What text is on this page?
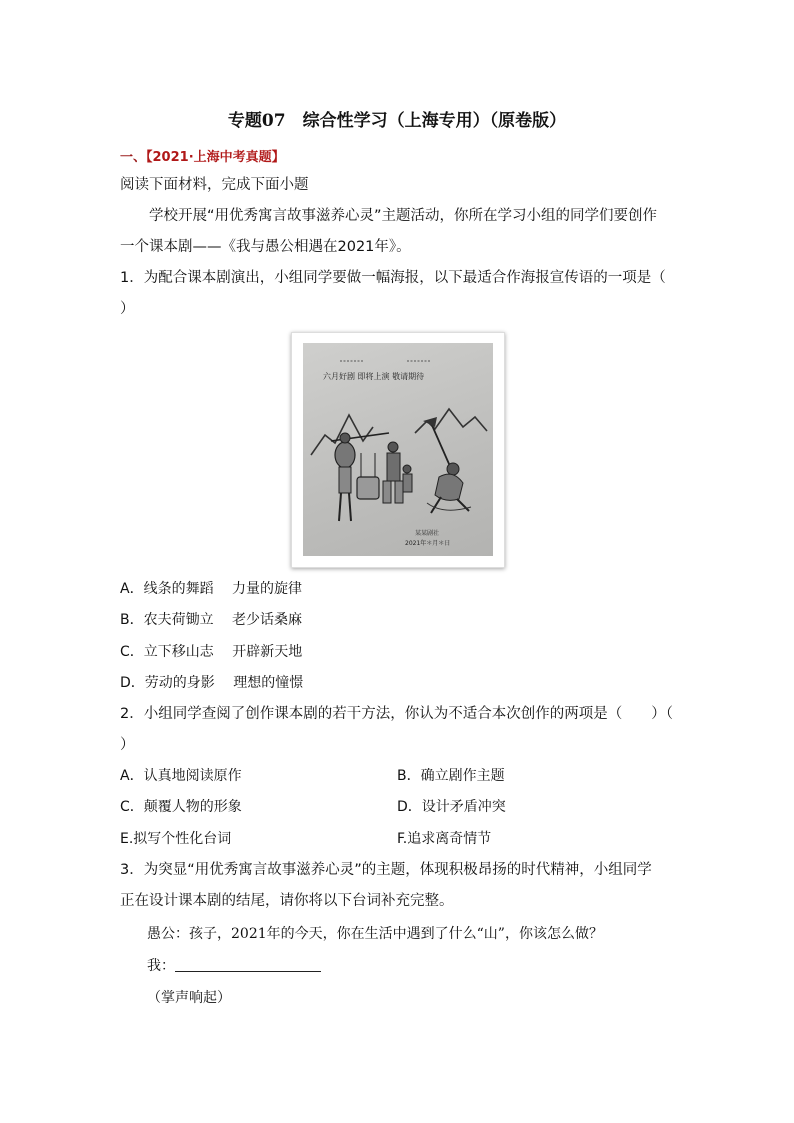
专题07　综合性学习（上海专用）（原卷版）
一、【2021·上海中考真题】
阅读下面材料，完成下面小题
学校开展“用优秀寓言故事滋养心灵”主题活动，你所在学习小组的同学们要创作
一个课本剧——《我与愚公相遇在2021年》。
1．为配合课本剧演出，小组同学要做一幅海报，以下最适合作海报宣传语的一项是（
）
六月好剧 即将上演 敬请期待
某某剧社
2021年＊月＊日
A．线条的舞蹈　 力量的旋律
B．农夫荷锄立　 老少话桑麻
C．立下移山志　 开辟新天地
D．劳动的身影　 理想的憧憬
2．小组同学查阅了创作课本剧的若干方法，你认为不适合本次创作的两项是（　　）（
）
A．认真地阅读原作	B．确立剧作主题
C．颠覆人物的形象	D．设计矛盾冲突
E.拟写个性化台词	F.追求离奇情节
3．为突显“用优秀寓言故事滋养心灵”的主题，体现积极昂扬的时代精神，小组同学
正在设计课本剧的结尾，请你将以下台词补充完整。
愚公：孩子，2021年的今天，你在生活中遇到了什么“山”，你该怎么做？
我：
（掌声响起）
